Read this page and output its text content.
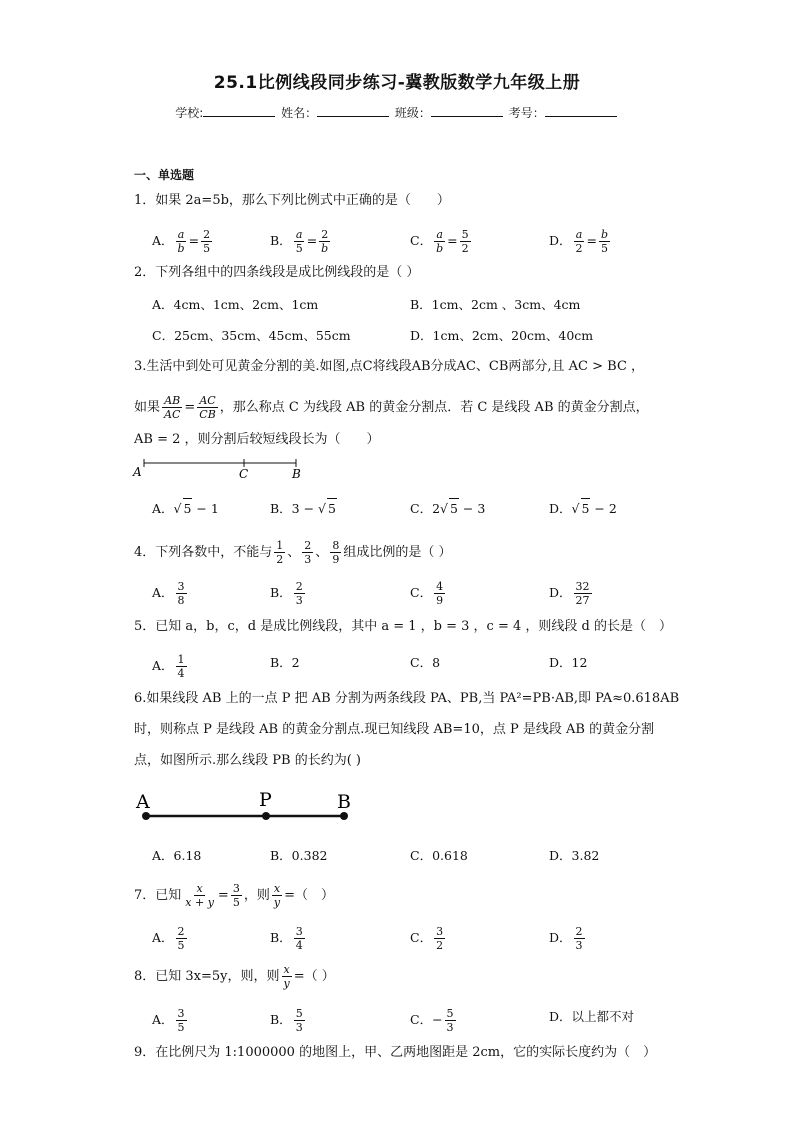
25.1比例线段同步练习-冀教版数学九年级上册
学校:	姓名：	班级：	考号：
一、单选题
1．如果 2a=5b，那么下列比例式中正确的是（　　）
A． $\frac{a}{b} = \frac{2}{5}$	B． $\frac{a}{5} = \frac{2}{b}$	C． $\frac{a}{b} = \frac{5}{2}$	D． $\frac{a}{2} = \frac{b}{5}$
2．下列各组中的四条线段是成比例线段的是（ ）
A．4cm、1cm、2cm、1cm	B．1cm、2cm 、3cm、4cm
C．25cm、35cm、45cm、55cm	D．1cm、2cm、20cm、40cm
3.生活中到处可见黄金分割的美.如图,点C将线段AB分成AC、CB两部分,且 AC > BC ，
如果 $\frac{AB}{AC} = \frac{AC}{CB}$ ，那么称点 C 为线段 AB 的黄金分割点．若 C 是线段 AB 的黄金分割点，
AB = 2 ，则分割后较短线段长为（　　）
A	C	B
A．√ 5 − 1	B．3 − √ 5	C．2√ 5 − 3	D．√ 5 − 2
4．下列各数中，不能与 $\frac{1}{2}$ 、 $\frac{2}{3}$ 、 $\frac{8}{9}$ 组成比例的是（ ）
A． $\frac{3}{8}$	B． $\frac{2}{3}$	C． $\frac{4}{9}$	D． $\frac{32}{27}$
5．已知 a，b，c，d 是成比例线段，其中 a = 1 ，b = 3 ，c = 4 ，则线段 d 的长是（　）
A． $\frac{1}{4}$	B．2	C．8	D．12
6.如果线段 AB 上的一点 P 把 AB 分割为两条线段 PA、PB,当 PA²=PB·AB,即 PA≈0.618AB
时，则称点 P 是线段 AB 的黄金分割点.现已知线段 AB=10，点 P 是线段 AB 的黄金分割
点，如图所示.那么线段 PB 的长约为( )
A	P	B
A．6.18	B．0.382	C．0.618	D．3.82
7．已知 $\frac{x}{x + y} = \frac{3}{5}$ ，则 $\frac{x}{y}$ =（　）
A． $\frac{2}{5}$	B． $\frac{3}{4}$	C． $\frac{3}{2}$	D． $\frac{2}{3}$
8．已知 3x=5y，则，则 $\frac{x}{y}$ =（ ）
A． $\frac{3}{5}$	B． $\frac{5}{3}$	C．− $\frac{5}{3}$	D．以上都不对
9．在比例尺为 1:1000000 的地图上，甲、乙两地图距是 2cm，它的实际长度约为（　）
